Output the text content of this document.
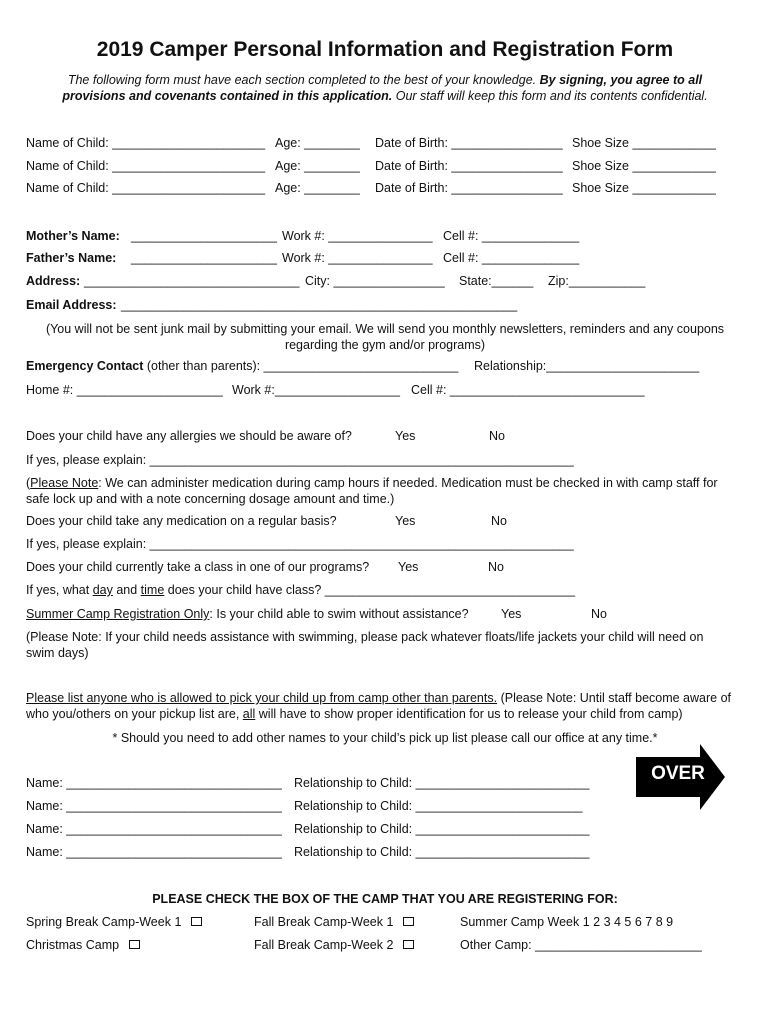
2019 Camper Personal Information and Registration Form
The following form must have each section completed to the best of your knowledge. By signing, you agree to all provisions and covenants contained in this application. Our staff will keep this form and its contents confidential.
Name of Child: ______________________ Age: ________ Date of Birth: ________________ Shoe Size ____________
Name of Child: ______________________ Age: ________ Date of Birth: ________________ Shoe Size ____________
Name of Child: ______________________ Age: ________ Date of Birth: ________________ Shoe Size ____________
Mother’s Name: _____________________ Work #: _______________ Cell #: ______________
Father’s Name: _____________________ Work #: _______________ Cell #: ______________
Address: _______________________________ City: ________________ State:______ Zip:___________
Email Address: _________________________________________________________
(You will not be sent junk mail by submitting your email. We will send you monthly newsletters, reminders and any coupons regarding the gym and/or programs)
Emergency Contact (other than parents): ____________________________ Relationship:______________________
Home #: _____________________ Work #:__________________ Cell #: ____________________________
Does your child have any allergies we should be aware of?	Yes	No
If yes, please explain: _____________________________________________________________
(Please Note: We can administer medication during camp hours if needed. Medication must be checked in with camp staff for safe lock up and with a note concerning dosage amount and time.)
Does your child take any medication on a regular basis?	Yes	No
If yes, please explain: _____________________________________________________________
Does your child currently take a class in one of our programs? Yes	No
If yes, what day and time does your child have class? ____________________________________
Summer Camp Registration Only: Is your child able to swim without assistance?	Yes	No
(Please Note: If your child needs assistance with swimming, please pack whatever floats/life jackets your child will need on swim days)
Please list anyone who is allowed to pick your child up from camp other than parents. (Please Note: Until staff become aware of who you/others on your pickup list are, all will have to show proper identification for us to release your child from camp)
* Should you need to add other names to your child’s pick up list please call our office at any time.*
Name: _______________________________ Relationship to Child: _________________________
Name: _______________________________ Relationship to Child: ________________________
Name: _______________________________ Relationship to Child: _________________________
Name: _______________________________ Relationship to Child: _________________________
OVER
PLEASE CHECK THE BOX OF THE CAMP THAT YOU ARE REGISTERING FOR:
Spring Break Camp-Week 1	Fall Break Camp-Week 1	Summer Camp Week 1 2 3 4 5 6 7 8 9
Christmas Camp	Fall Break Camp-Week 2	Other Camp: ________________________
